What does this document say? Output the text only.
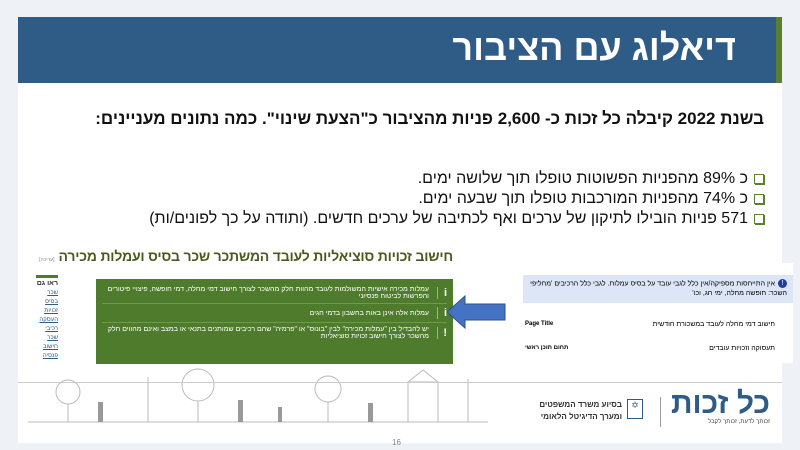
דיאלוג עם הציבור
בשנת 2022 קיבלה כל זכות כ- 2,600 פניות מהציבור כ"הצעת שינוי". כמה נתונים מעניינים:
כ 89% מהפניות הפשוטות טופלו תוך שלושה ימים.
כ 74% מהפניות המורכבות טופלו תוך שבעה ימים.
571 פניות הובילו לתיקון של ערכים ואף לכתיבה של ערכים חדשים. (ותודה על כך לפונים/ות)
חישוב זכויות סוציאליות לעובד המשתכר שכר בסיס ועמלות מכירה
[עריכה]
i
עמלות מכירה אישיות המשולמות לעובד מהוות חלק מהשכר לצורך חישוב דמי מחלה, דמי חופשה, פיצויי פיטורים והפרשות לביטוח פנסיוני
i
עמלות אלה אינן באות בחשבון בדמי חגים
!
יש להבדיל בין "עמלות מכירה" לבין "בונוס" או "פרמיה" שהם רכיבים שמותנים בתנאי או במצב ואינם מהווים חלק מהשכר לצורך חישוב זכויות סוציאליות
ראו גם
שכר בסיס
זכויות
העסקה
רכיבי שכר
חישוב
פנסיה
!אין התייחסות מספיקה/אין כלל לגבי עובד על בסיס עמלות. לגבי כלל הרכיבים 'מחליפי השכר: חופשה מחלה, ימי חג, וכו'
חישוב דמי מחלה לעובד במשכורת חודשית
Page Title
תעסוקה וזכויות עובדים
תחום תוכן ראשי
✡
בסיוע משרד המשפטים
ומערך הדיגיטל הלאומי כל זכות
זכותך לדעת, זכותך לקבל
16
